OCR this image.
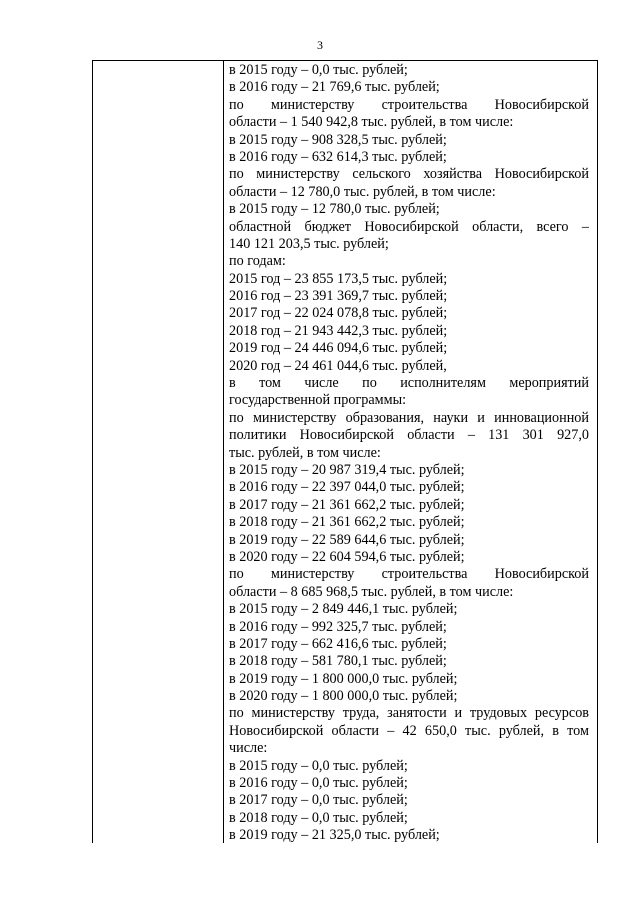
3
в 2015 году – 0,0 тыс. рублей;
в 2016 году – 21 769,6 тыс. рублей;
по министерству строительства Новосибирской
области – 1 540 942,8 тыс. рублей, в том числе:
в 2015 году – 908 328,5 тыс. рублей;
в 2016 году – 632 614,3 тыс. рублей;
по министерству сельского хозяйства Новосибирской
области – 12 780,0 тыс. рублей, в том числе:
в 2015 году – 12 780,0 тыс. рублей;
областной бюджет Новосибирской области, всего –
140 121 203,5 тыс. рублей;
по годам:
2015 год – 23 855 173,5 тыс. рублей;
2016 год – 23 391 369,7 тыс. рублей;
2017 год – 22 024 078,8 тыс. рублей;
2018 год – 21 943 442,3 тыс. рублей;
2019 год – 24 446 094,6 тыс. рублей;
2020 год – 24 461 044,6 тыс. рублей,
в том числе по исполнителям мероприятий
государственной программы:
по министерству образования, науки и инновационной
политики Новосибирской области – 131 301 927,0
тыс. рублей, в том числе:
в 2015 году – 20 987 319,4 тыс. рублей;
в 2016 году – 22 397 044,0 тыс. рублей;
в 2017 году – 21 361 662,2 тыс. рублей;
в 2018 году – 21 361 662,2 тыс. рублей;
в 2019 году – 22 589 644,6 тыс. рублей;
в 2020 году – 22 604 594,6 тыс. рублей;
по министерству строительства Новосибирской
области – 8 685 968,5 тыс. рублей, в том числе:
в 2015 году – 2 849 446,1 тыс. рублей;
в 2016 году – 992 325,7 тыс. рублей;
в 2017 году – 662 416,6 тыс. рублей;
в 2018 году – 581 780,1 тыс. рублей;
в 2019 году – 1 800 000,0 тыс. рублей;
в 2020 году – 1 800 000,0 тыс. рублей;
по министерству труда, занятости и трудовых ресурсов
Новосибирской области – 42 650,0 тыс. рублей, в том
числе:
в 2015 году – 0,0 тыс. рублей;
в 2016 году – 0,0 тыс. рублей;
в 2017 году – 0,0 тыс. рублей;
в 2018 году – 0,0 тыс. рублей;
в 2019 году – 21 325,0 тыс. рублей;
